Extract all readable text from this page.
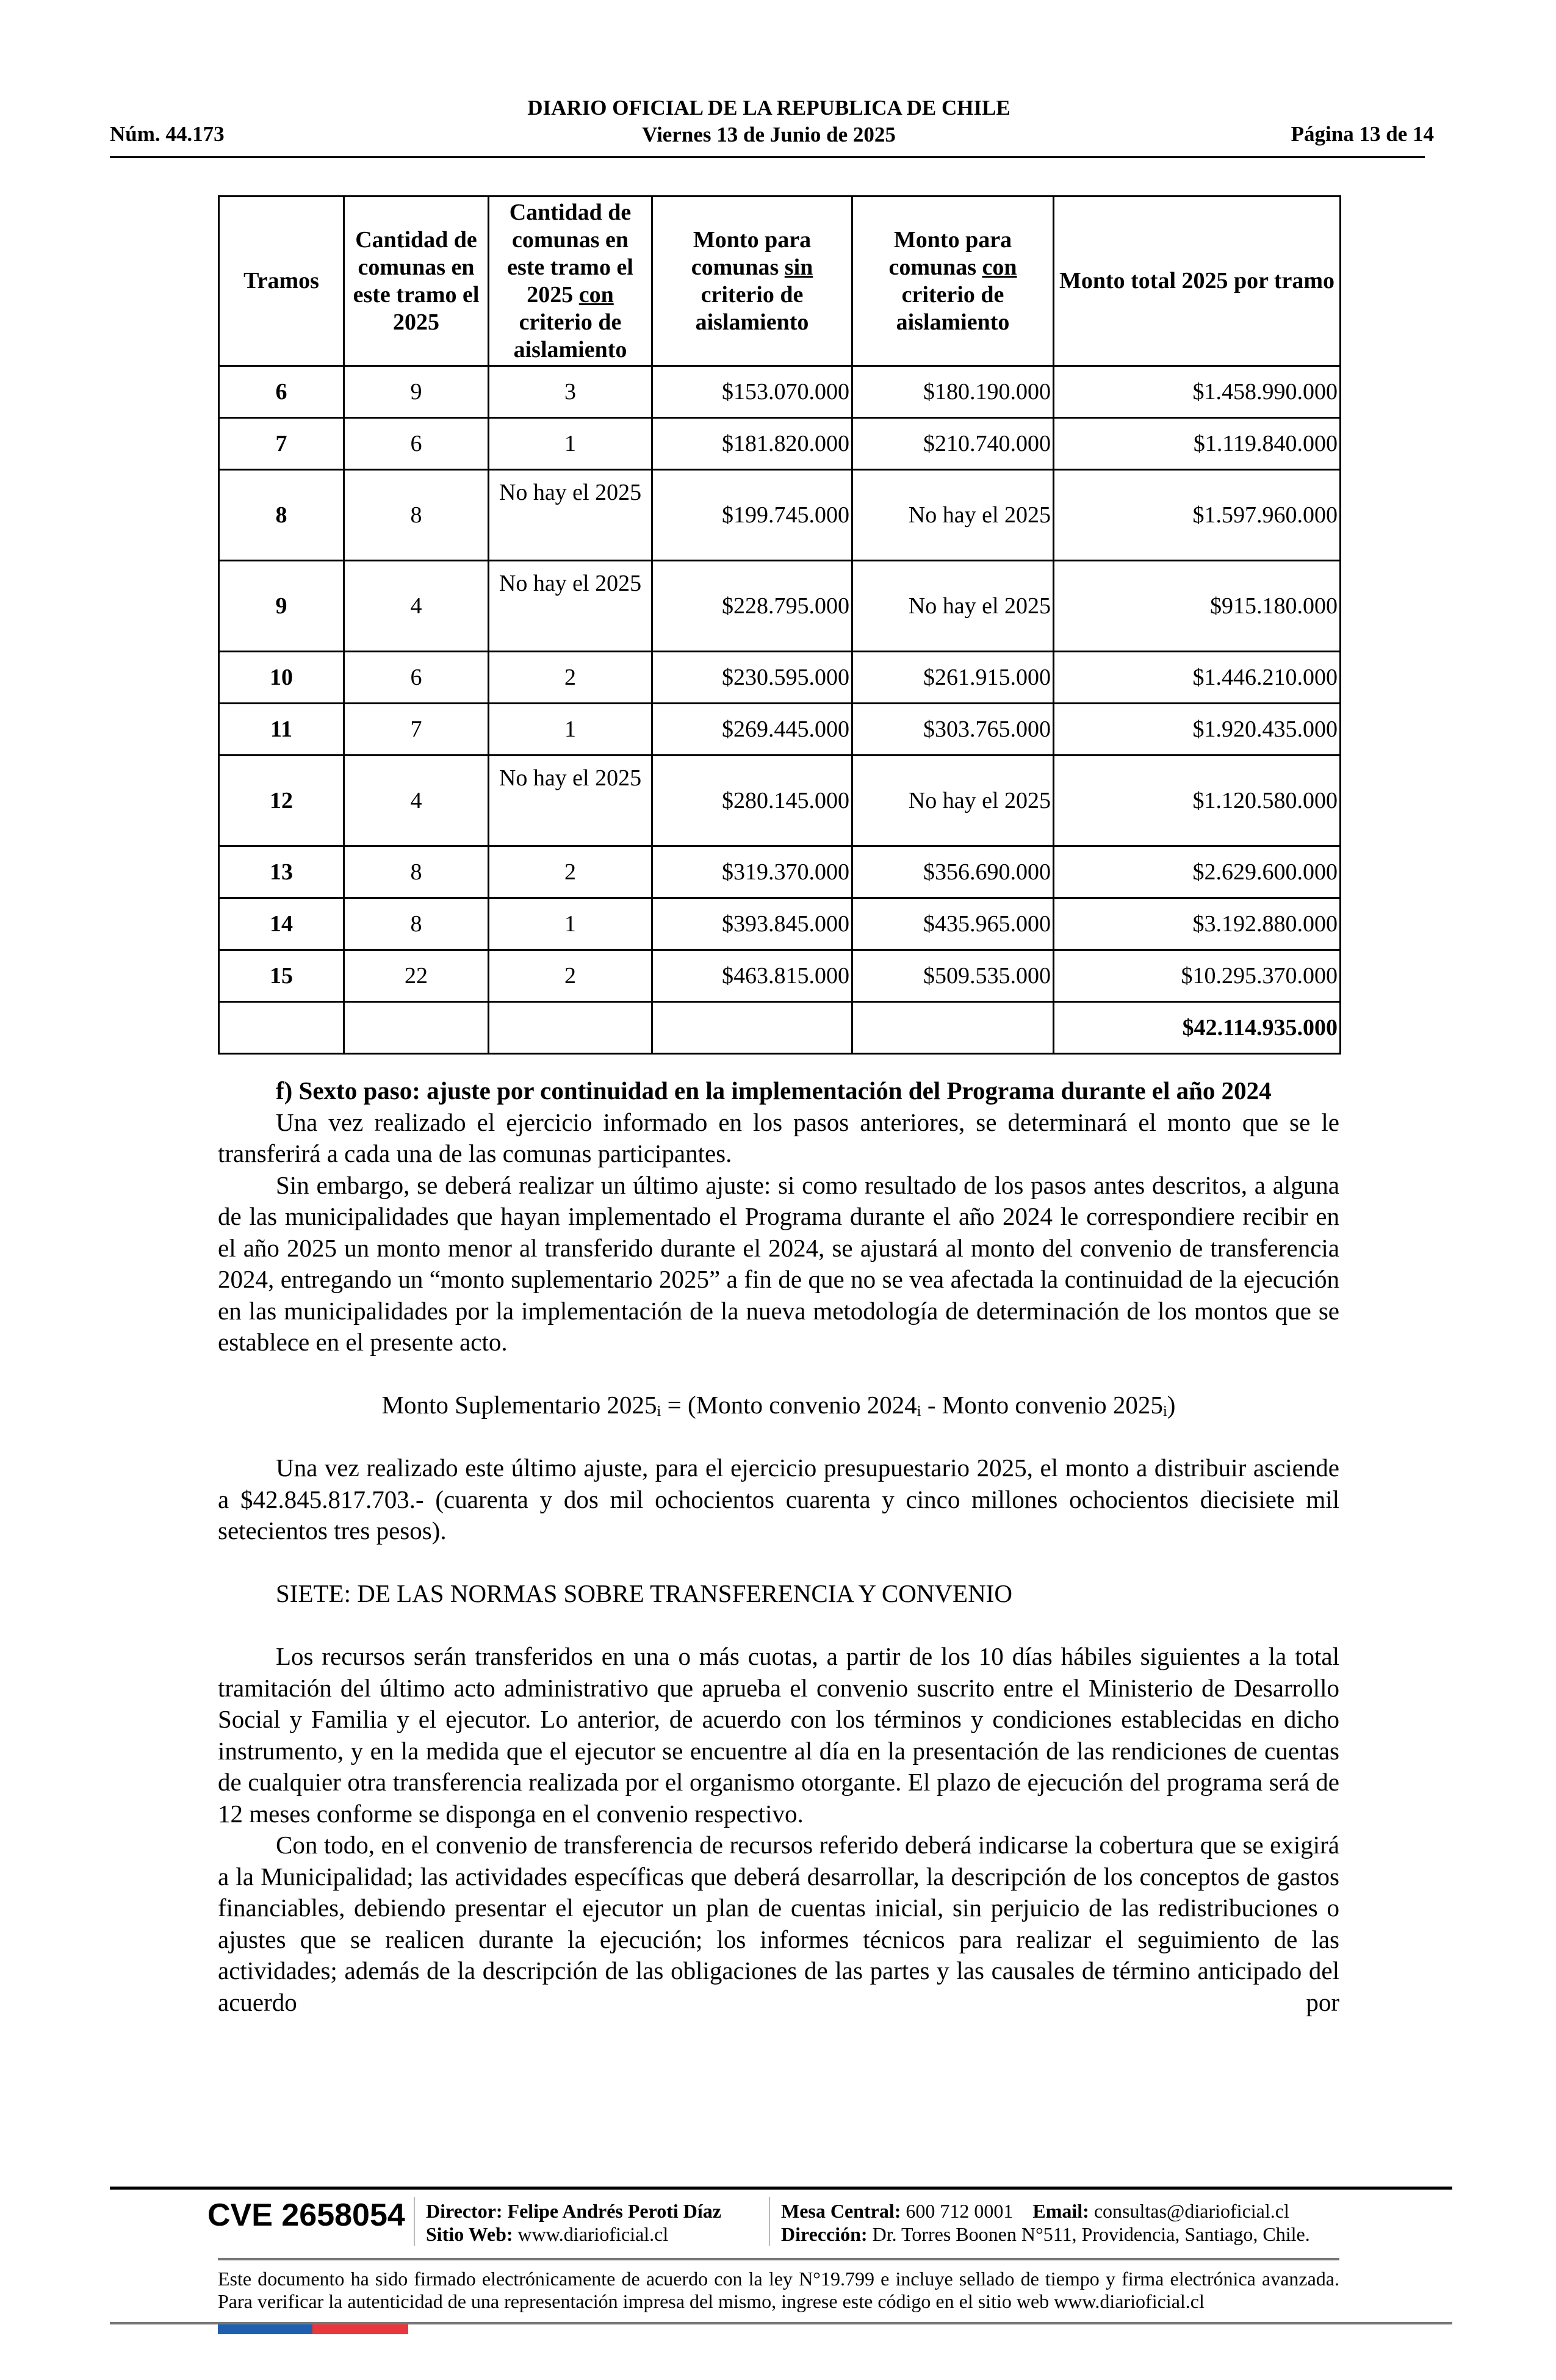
Núm. 44.173
DIARIO OFICIAL DE LA REPUBLICA DE CHILE
Viernes 13 de Junio de 2025	Página 13 de 14
Tramos	Cantidad de comunas en este tramo el 2025	Cantidad de comunas en este tramo el 2025 con criterio de aislamiento	Monto para comunas sin criterio de aislamiento	Monto para comunas con criterio de aislamiento	Monto total 2025 por tramo
6	9	3	$153.070.000	$180.190.000	$1.458.990.000
7	6	1	$181.820.000	$210.740.000	$1.119.840.000
8	8	No hay el 2025	$199.745.000	No hay el 2025	$1.597.960.000
9	4	No hay el 2025	$228.795.000	No hay el 2025	$915.180.000
10	6	2	$230.595.000	$261.915.000	$1.446.210.000
11	7	1	$269.445.000	$303.765.000	$1.920.435.000
12	4	No hay el 2025	$280.145.000	No hay el 2025	$1.120.580.000
13	8	2	$319.370.000	$356.690.000	$2.629.600.000
14	8	1	$393.845.000	$435.965.000	$3.192.880.000
15	22	2	$463.815.000	$509.535.000	$10.295.370.000
					$42.114.935.000

f) Sexto paso: ajuste por continuidad en la implementación del Programa durante el año 2024

Una vez realizado el ejercicio informado en los pasos anteriores, se determinará el monto que se le transferirá a cada una de las comunas participantes.

Sin embargo, se deberá realizar un último ajuste: si como resultado de los pasos antes descritos, a alguna de las municipalidades que hayan implementado el Programa durante el año 2024 le correspondiere recibir en el año 2025 un monto menor al transferido durante el 2024, se ajustará al monto del convenio de transferencia 2024, entregando un “monto suplementario 2025” a fin de que no se vea afectada la continuidad de la ejecución en las municipalidades por la implementación de la nueva metodología de determinación de los montos que se establece en el presente acto.

Monto Suplementario $2025_i$ = (Monto convenio $2024_i$ - Monto convenio $2025_i$)

Una vez realizado este último ajuste, para el ejercicio presupuestario 2025, el monto a distribuir asciende a $42.845.817.703.- (cuarenta y dos mil ochocientos cuarenta y cinco millones ochocientos diecisiete mil setecientos tres pesos).

SIETE: DE LAS NORMAS SOBRE TRANSFERENCIA Y CONVENIO

Los recursos serán transferidos en una o más cuotas, a partir de los 10 días hábiles siguientes a la total tramitación del último acto administrativo que aprueba el convenio suscrito entre el Ministerio de Desarrollo Social y Familia y el ejecutor. Lo anterior, de acuerdo con los términos y condiciones establecidas en dicho instrumento, y en la medida que el ejecutor se encuentre al día en la presentación de las rendiciones de cuentas de cualquier otra transferencia realizada por el organismo otorgante. El plazo de ejecución del programa será de 12 meses conforme se disponga en el convenio respectivo.

Con todo, en el convenio de transferencia de recursos referido deberá indicarse la cobertura que se exigirá a la Municipalidad; las actividades específicas que deberá desarrollar, la descripción de los conceptos de gastos financiables, debiendo presentar el ejecutor un plan de cuentas inicial, sin perjuicio de las redistribuciones o ajustes que se realicen durante la ejecución; los informes técnicos para realizar el seguimiento de las actividades; además de la descripción de las obligaciones de las partes y las causales de término anticipado del acuerdo por

CVE 2658054 Director: Felipe Andrés Peroti Díaz
Sitio Web: www.diarioficial.cl
Mesa Central: 600 712 0001 Email: consultas@diarioficial.cl
Dirección: Dr. Torres Boonen N°511, Providencia, Santiago, Chile.
Este documento ha sido firmado electrónicamente de acuerdo con la ley N°19.799 e incluye sellado de tiempo y firma electrónica avanzada. Para verificar la autenticidad de una representación impresa del mismo, ingrese este código en el sitio web www.diarioficial.cl
